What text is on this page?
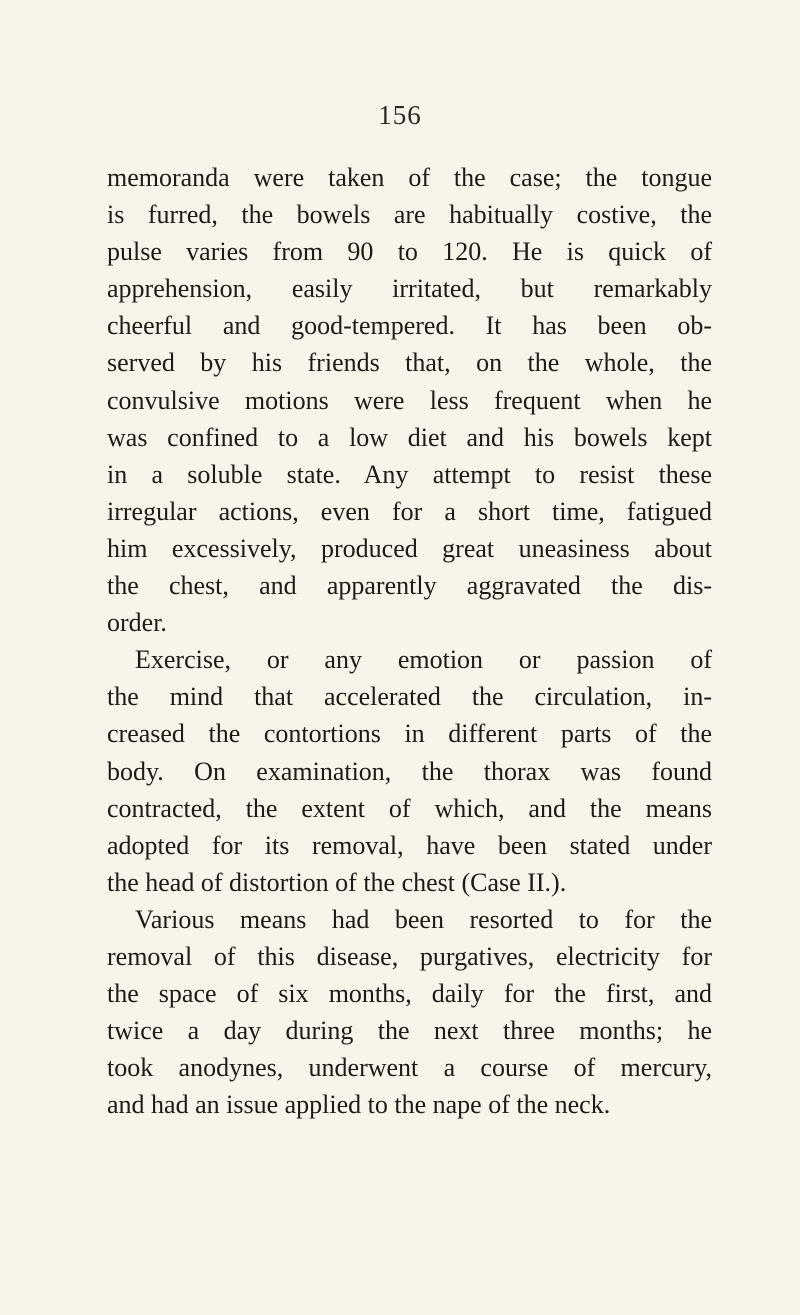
156
memoranda were taken of the case; the tongue
is furred, the bowels are habitually costive, the
pulse varies from 90 to 120. He is quick of
apprehension, easily irritated, but remarkably
cheerful and good-tempered. It has been ob-
served by his friends that, on the whole, the
convulsive motions were less frequent when he
was confined to a low diet and his bowels kept
in a soluble state. Any attempt to resist these
irregular actions, even for a short time, fatigued
him excessively, produced great uneasiness about
the chest, and apparently aggravated the dis-
order.
Exercise, or any emotion or passion of
the mind that accelerated the circulation, in-
creased the contortions in different parts of the
body. On examination, the thorax was found
contracted, the extent of which, and the means
adopted for its removal, have been stated under
the head of distortion of the chest (Case II.).
Various means had been resorted to for the
removal of this disease, purgatives, electricity for
the space of six months, daily for the first, and
twice a day during the next three months; he
took anodynes, underwent a course of mercury,
and had an issue applied to the nape of the neck.
